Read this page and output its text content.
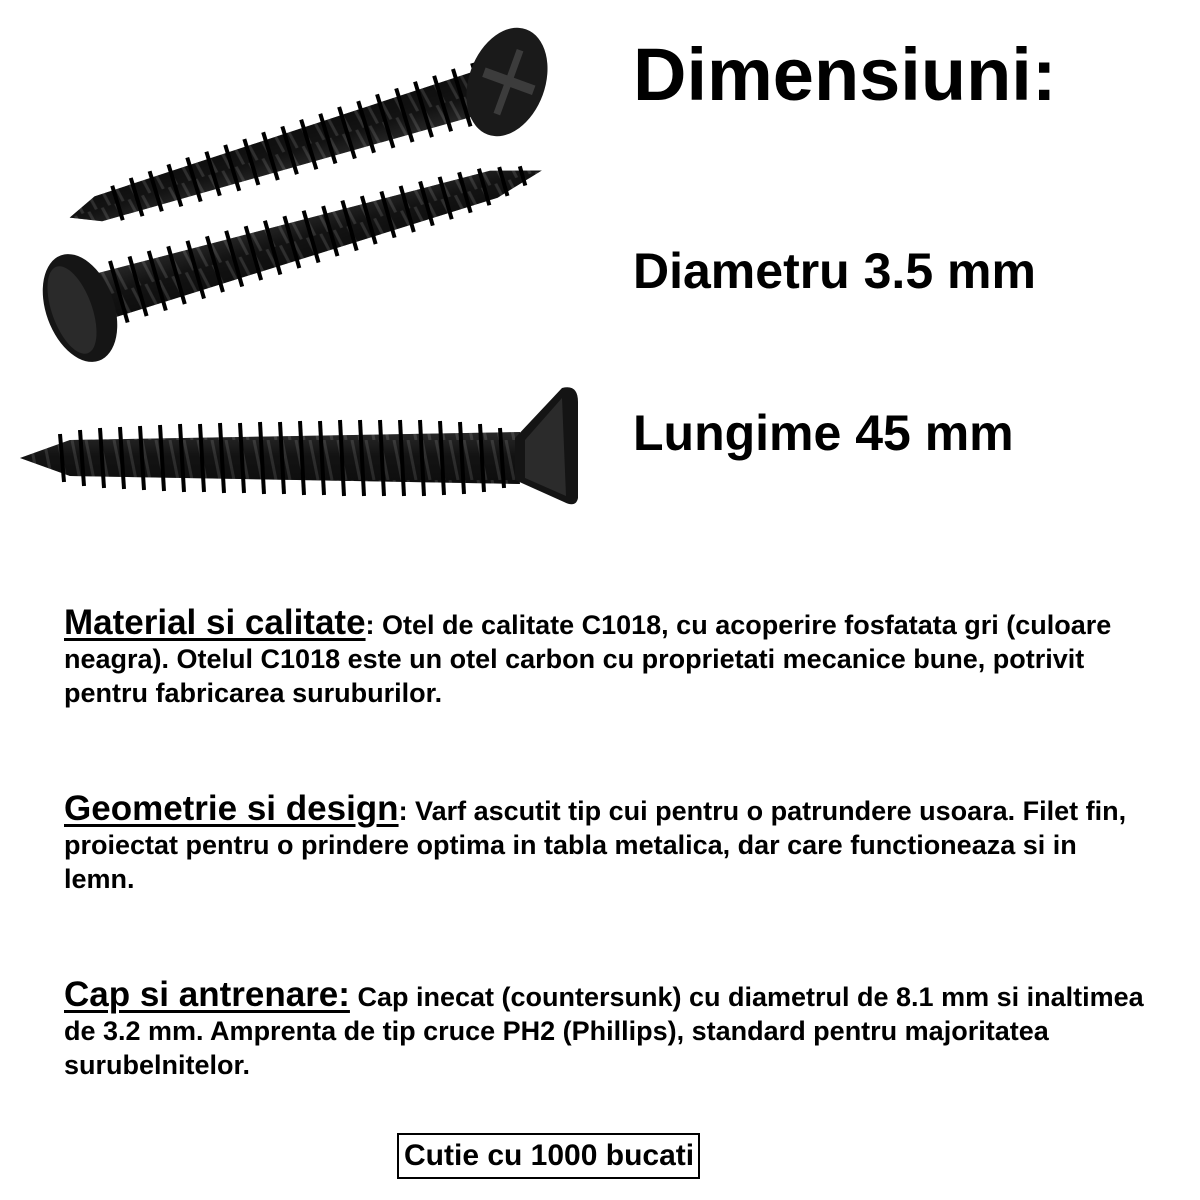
Dimensiuni:
Diametru 3.5 mm
Lungime 45 mm
Material si calitate: Otel de calitate C1018, cu acoperire fosfatata gri (culoare neagra). Otelul C1018 este un otel carbon cu proprietati mecanice bune, potrivit pentru fabricarea suruburilor.
Geometrie si design: Varf ascutit tip cui pentru o patrundere usoara. Filet fin, proiectat pentru o prindere optima in tabla metalica, dar care functioneaza si in lemn.
Cap si antrenare: Cap inecat (countersunk) cu diametrul de 8.1 mm si inaltimea de 3.2 mm. Amprenta de tip cruce PH2 (Phillips), standard pentru majoritatea surubelnitelor.
Cutie cu 1000 bucati
